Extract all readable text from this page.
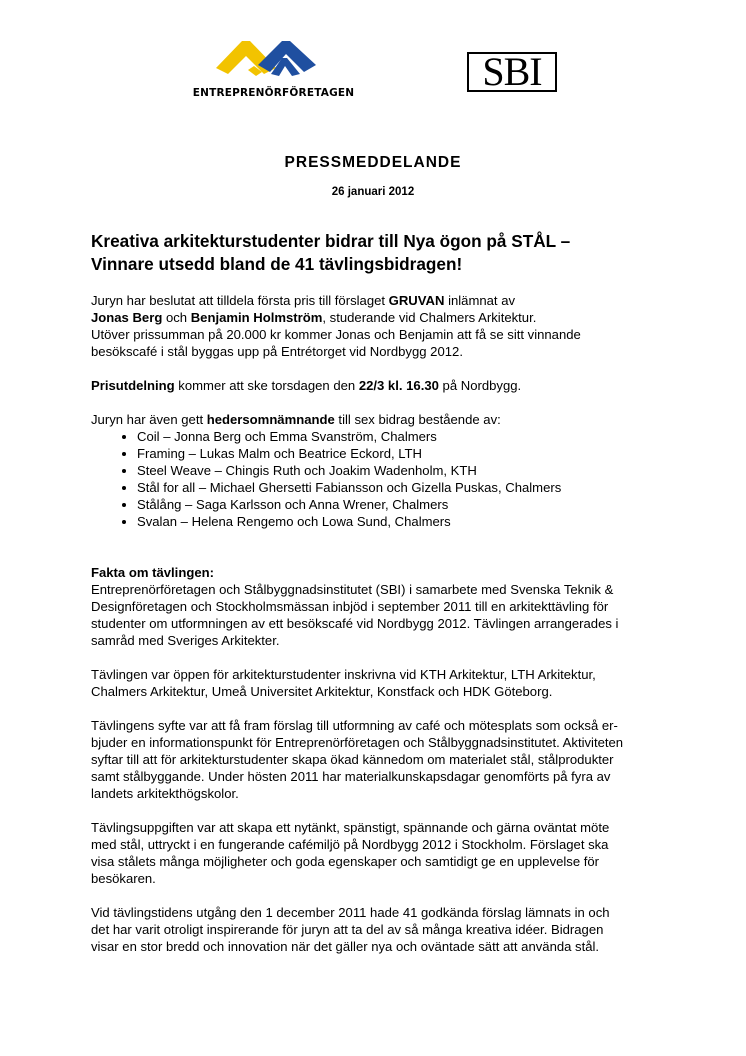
ENTREPRENÖRFÖRETAGEN	SBI
PRESSMEDDELANDE
26 januari 2012
Kreativa arkitekturstudenter bidrar till Nya ögon på STÅL –
Vinnare utsedd bland de 41 tävlingsbidragen!

Juryn har beslutat att tilldela första pris till förslaget GRUVAN inlämnat av
Jonas Berg och Benjamin Holmström, studerande vid Chalmers Arkitektur.
Utöver prissumman på 20.000 kr kommer Jonas och Benjamin att få se sitt vinnande
besökscafé i stål byggas upp på Entrétorget vid Nordbygg 2012.

Prisutdelning kommer att ske torsdagen den 22/3 kl. 16.30 på Nordbygg.

Juryn har även gett hedersomnämnande till sex bidrag bestående av:

• Coil – Jonna Berg och Emma Svanström, Chalmers
• Framing – Lukas Malm och Beatrice Eckord, LTH
• Steel Weave – Chingis Ruth och Joakim Wadenholm, KTH
• Stål for all – Michael Ghersetti Fabiansson och Gizella Puskas, Chalmers
• Stålång – Saga Karlsson och Anna Wrener, Chalmers
• Svalan – Helena Rengemo och Lowa Sund, Chalmers

Fakta om tävlingen:

Entreprenörföretagen och Stålbyggnadsinstitutet (SBI) i samarbete med Svenska Teknik &
Designföretagen och Stockholmsmässan inbjöd i september 2011 till en arkitekttävling för
studenter om utformningen av ett besökscafé vid Nordbygg 2012. Tävlingen arrangerades i
samråd med Sveriges Arkitekter.

Tävlingen var öppen för arkitekturstudenter inskrivna vid KTH Arkitektur, LTH Arkitektur,
Chalmers Arkitektur, Umeå Universitet Arkitektur, Konstfack och HDK Göteborg.

Tävlingens syfte var att få fram förslag till utformning av café och mötesplats som också er-
bjuder en informationspunkt för Entreprenörföretagen och Stålbyggnadsinstitutet. Aktiviteten
syftar till att för arkitekturstudenter skapa ökad kännedom om materialet stål, stålprodukter
samt stålbyggande. Under hösten 2011 har materialkunskapsdagar genomförts på fyra av
landets arkitekthögskolor.

Tävlingsuppgiften var att skapa ett nytänkt, spänstigt, spännande och gärna oväntat möte
med stål, uttryckt i en fungerande cafémiljö på Nordbygg 2012 i Stockholm. Förslaget ska
visa stålets många möjligheter och goda egenskaper och samtidigt ge en upplevelse för
besökaren.

Vid tävlingstidens utgång den 1 december 2011 hade 41 godkända förslag lämnats in och
det har varit otroligt inspirerande för juryn att ta del av så många kreativa idéer. Bidragen
visar en stor bredd och innovation när det gäller nya och oväntade sätt att använda stål.
